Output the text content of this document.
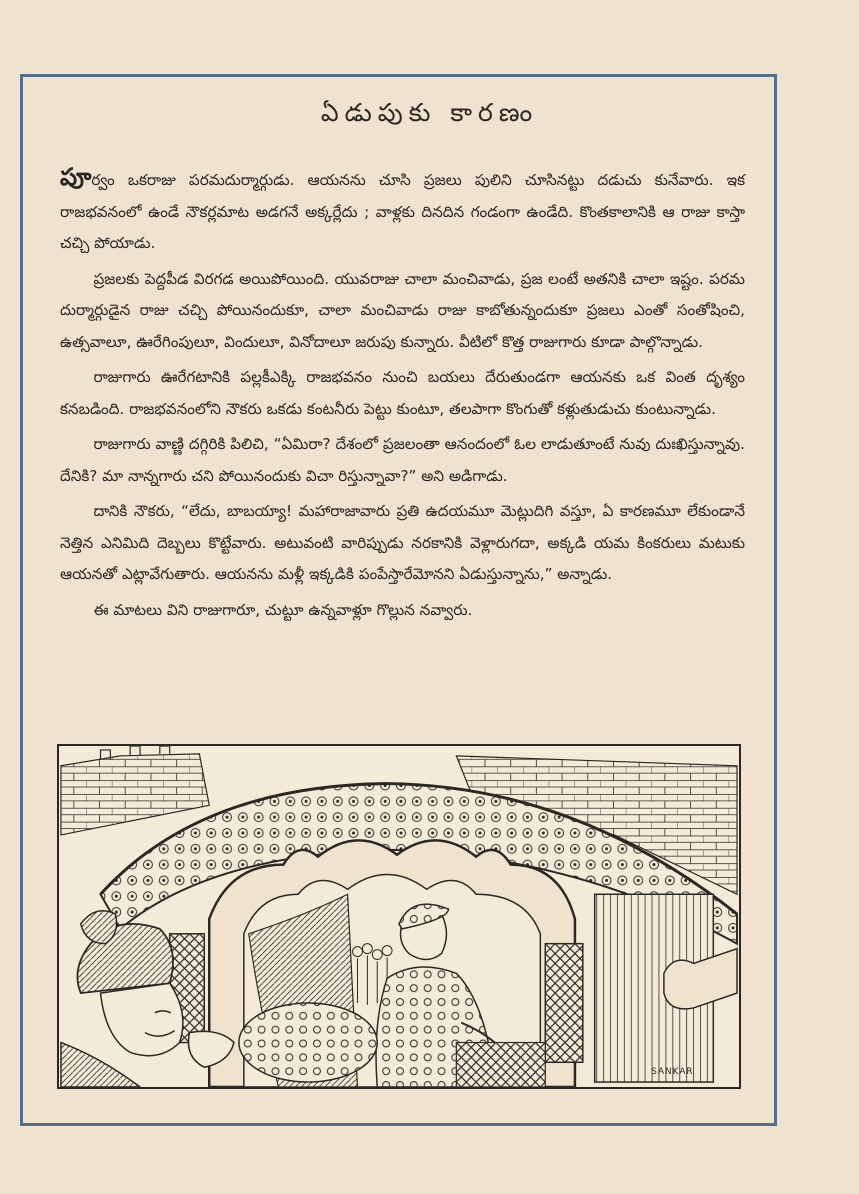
ఏడుపుకు కారణం

పూర్వం ఒకరాజు పరమదుర్మార్గుడు. ఆయనను చూసి ప్రజలు పులిని చూసినట్టు దడుచు కునేవారు. ఇక రాజభవనంలో ఉండే నౌకర్లమాట అడగనే అక్కర్లేదు ; వాళ్లకు దినదిన గండంగా ఉండేది. కొంతకాలానికి ఆ రాజు కాస్తా చచ్చి పోయాడు.

ప్రజలకు పెద్దపీడ విరగడ అయిపోయింది. యువరాజు చాలా మంచివాడు, ప్రజ లంటే అతనికి చాలా ఇష్టం. పరమ దుర్మార్గుడైన రాజు చచ్చి పోయినందుకూ, చాలా మంచివాడు రాజు కాబోతున్నందుకూ ప్రజలు ఎంతో సంతోషించి, ఉత్సవాలూ, ఊరేగింపులూ, విందులూ, వినోదాలూ జరుపు కున్నారు. వీటిలో కొత్త రాజుగారు కూడా పాల్గొన్నాడు.

రాజుగారు ఊరేగటానికి పల్లకీఎక్కి రాజభవనం నుంచి బయలు దేరుతుండగా ఆయనకు ఒక వింత దృశ్యం కనబడింది. రాజభవనంలోని నౌకరు ఒకడు కంటనీరు పెట్టు కుంటూ, తలపాగా కొంగుతో కళ్లుతుడుచు కుంటున్నాడు.

రాజుగారు వాణ్ణి దగ్గిరికి పిలిచి, “ఏమిరా? దేశంలో ప్రజలంతా ఆనందంలో ఓల లాడుతూంటే నువు దుఃఖిస్తున్నావు. దేనికి? మా నాన్నగారు చని పోయినందుకు విచా రిస్తున్నావా?” అని అడిగాడు.

దానికి నౌకరు, “లేదు, బాబయ్యా! మహారాజావారు ప్రతి ఉదయమూ మెట్లుదిగి వస్తూ, ఏ కారణమూ లేకుండానే నెత్తిన ఎనిమిది దెబ్బలు కొట్టేవారు. అటువంటి వారిప్పుడు నరకానికి వెళ్లారుగదా, అక్కడి యమ కింకరులు మటుకు ఆయనతో ఎట్లావేగుతారు. ఆయనను మళ్లీ ఇక్కడికి పంపేస్తారేమోనని ఏడుస్తున్నాను,” అన్నాడు.

ఈ మాటలు విని రాజుగారూ, చుట్టూ ఉన్నవాళ్లూ గొల్లున నవ్వారు.

SANKAR
